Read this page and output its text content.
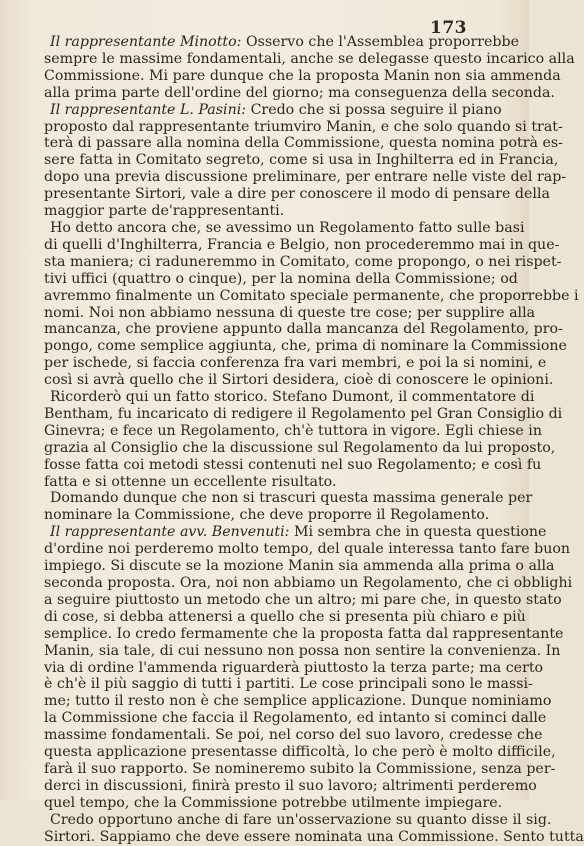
173
Il rappresentante Minotto: Osservo che l'Assemblea proporrebbe
sempre le massime fondamentali, anche se delegasse questo incarico alla
Commissione. Mi pare dunque che la proposta Manin non sia ammenda
alla prima parte dell'ordine del giorno; ma conseguenza della seconda.
Il rappresentante L. Pasini: Credo che si possa seguire il piano
proposto dal rappresentante triumviro Manin, e che solo quando si trat-
terà di passare alla nomina della Commissione, questa nomina potrà es-
sere fatta in Comitato segreto, come si usa in Inghilterra ed in Francia,
dopo una previa discussione preliminare, per entrare nelle viste del rap-
presentante Sirtori, vale a dire per conoscere il modo di pensare della
maggior parte de'rappresentanti.
Ho detto ancora che, se avessimo un Regolamento fatto sulle basi
di quelli d'Inghilterra, Francia e Belgio, non procederemmo mai in que-
sta maniera; ci raduneremmo in Comitato, come propongo, o nei rispet-
tivi uffici (quattro o cinque), per la nomina della Commissione; od
avremmo finalmente un Comitato speciale permanente, che proporrebbe i
nomi. Noi non abbiamo nessuna di queste tre cose; per supplire alla
mancanza, che proviene appunto dalla mancanza del Regolamento, pro-
pongo, come semplice aggiunta, che, prima di nominare la Commissione
per ischede, si faccia conferenza fra vari membri, e poi la si nomini, e
così si avrà quello che il Sirtori desidera, cioè di conoscere le opinioni.
Ricorderò qui un fatto storico. Stefano Dumont, il commentatore di
Bentham, fu incaricato di redigere il Regolamento pel Gran Consiglio di
Ginevra; e fece un Regolamento, ch'è tuttora in vigore. Egli chiese in
grazia al Consiglio che la discussione sul Regolamento da lui proposto,
fosse fatta coi metodi stessi contenuti nel suo Regolamento; e così fu
fatta e si ottenne un eccellente risultato.
Domando dunque che non si trascuri questa massima generale per
nominare la Commissione, che deve proporre il Regolamento.
Il rappresentante avv. Benvenuti: Mi sembra che in questa questione
d'ordine noi perderemo molto tempo, del quale interessa tanto fare buon
impiego. Si discute se la mozione Manin sia ammenda alla prima o alla
seconda proposta. Ora, noi non abbiamo un Regolamento, che ci obblighi
a seguire piuttosto un metodo che un altro; mi pare che, in questo stato
di cose, si debba attenersi a quello che si presenta più chiaro e più
semplice. Io credo fermamente che la proposta fatta dal rappresentante
Manin, sia tale, di cui nessuno non possa non sentire la convenienza. In
via di ordine l'ammenda riguarderà piuttosto la terza parte; ma certo
è ch'è il più saggio di tutti i partiti. Le cose principali sono le massi-
me; tutto il resto non è che semplice applicazione. Dunque nominiamo
la Commissione che faccia il Regolamento, ed intanto si cominci dalle
massime fondamentali. Se poi, nel corso del suo lavoro, credesse che
questa applicazione presentasse difficoltà, lo che però è molto difficile,
farà il suo rapporto. Se nomineremo subito la Commissione, senza per-
derci in discussioni, finirà presto il suo lavoro; altrimenti perderemo
quel tempo, che la Commissione potrebbe utilmente impiegare.
Credo opportuno anche di fare un'osservazione su quanto disse il sig.
Sirtori. Sappiamo che deve essere nominata una Commissione. Sento tutta
